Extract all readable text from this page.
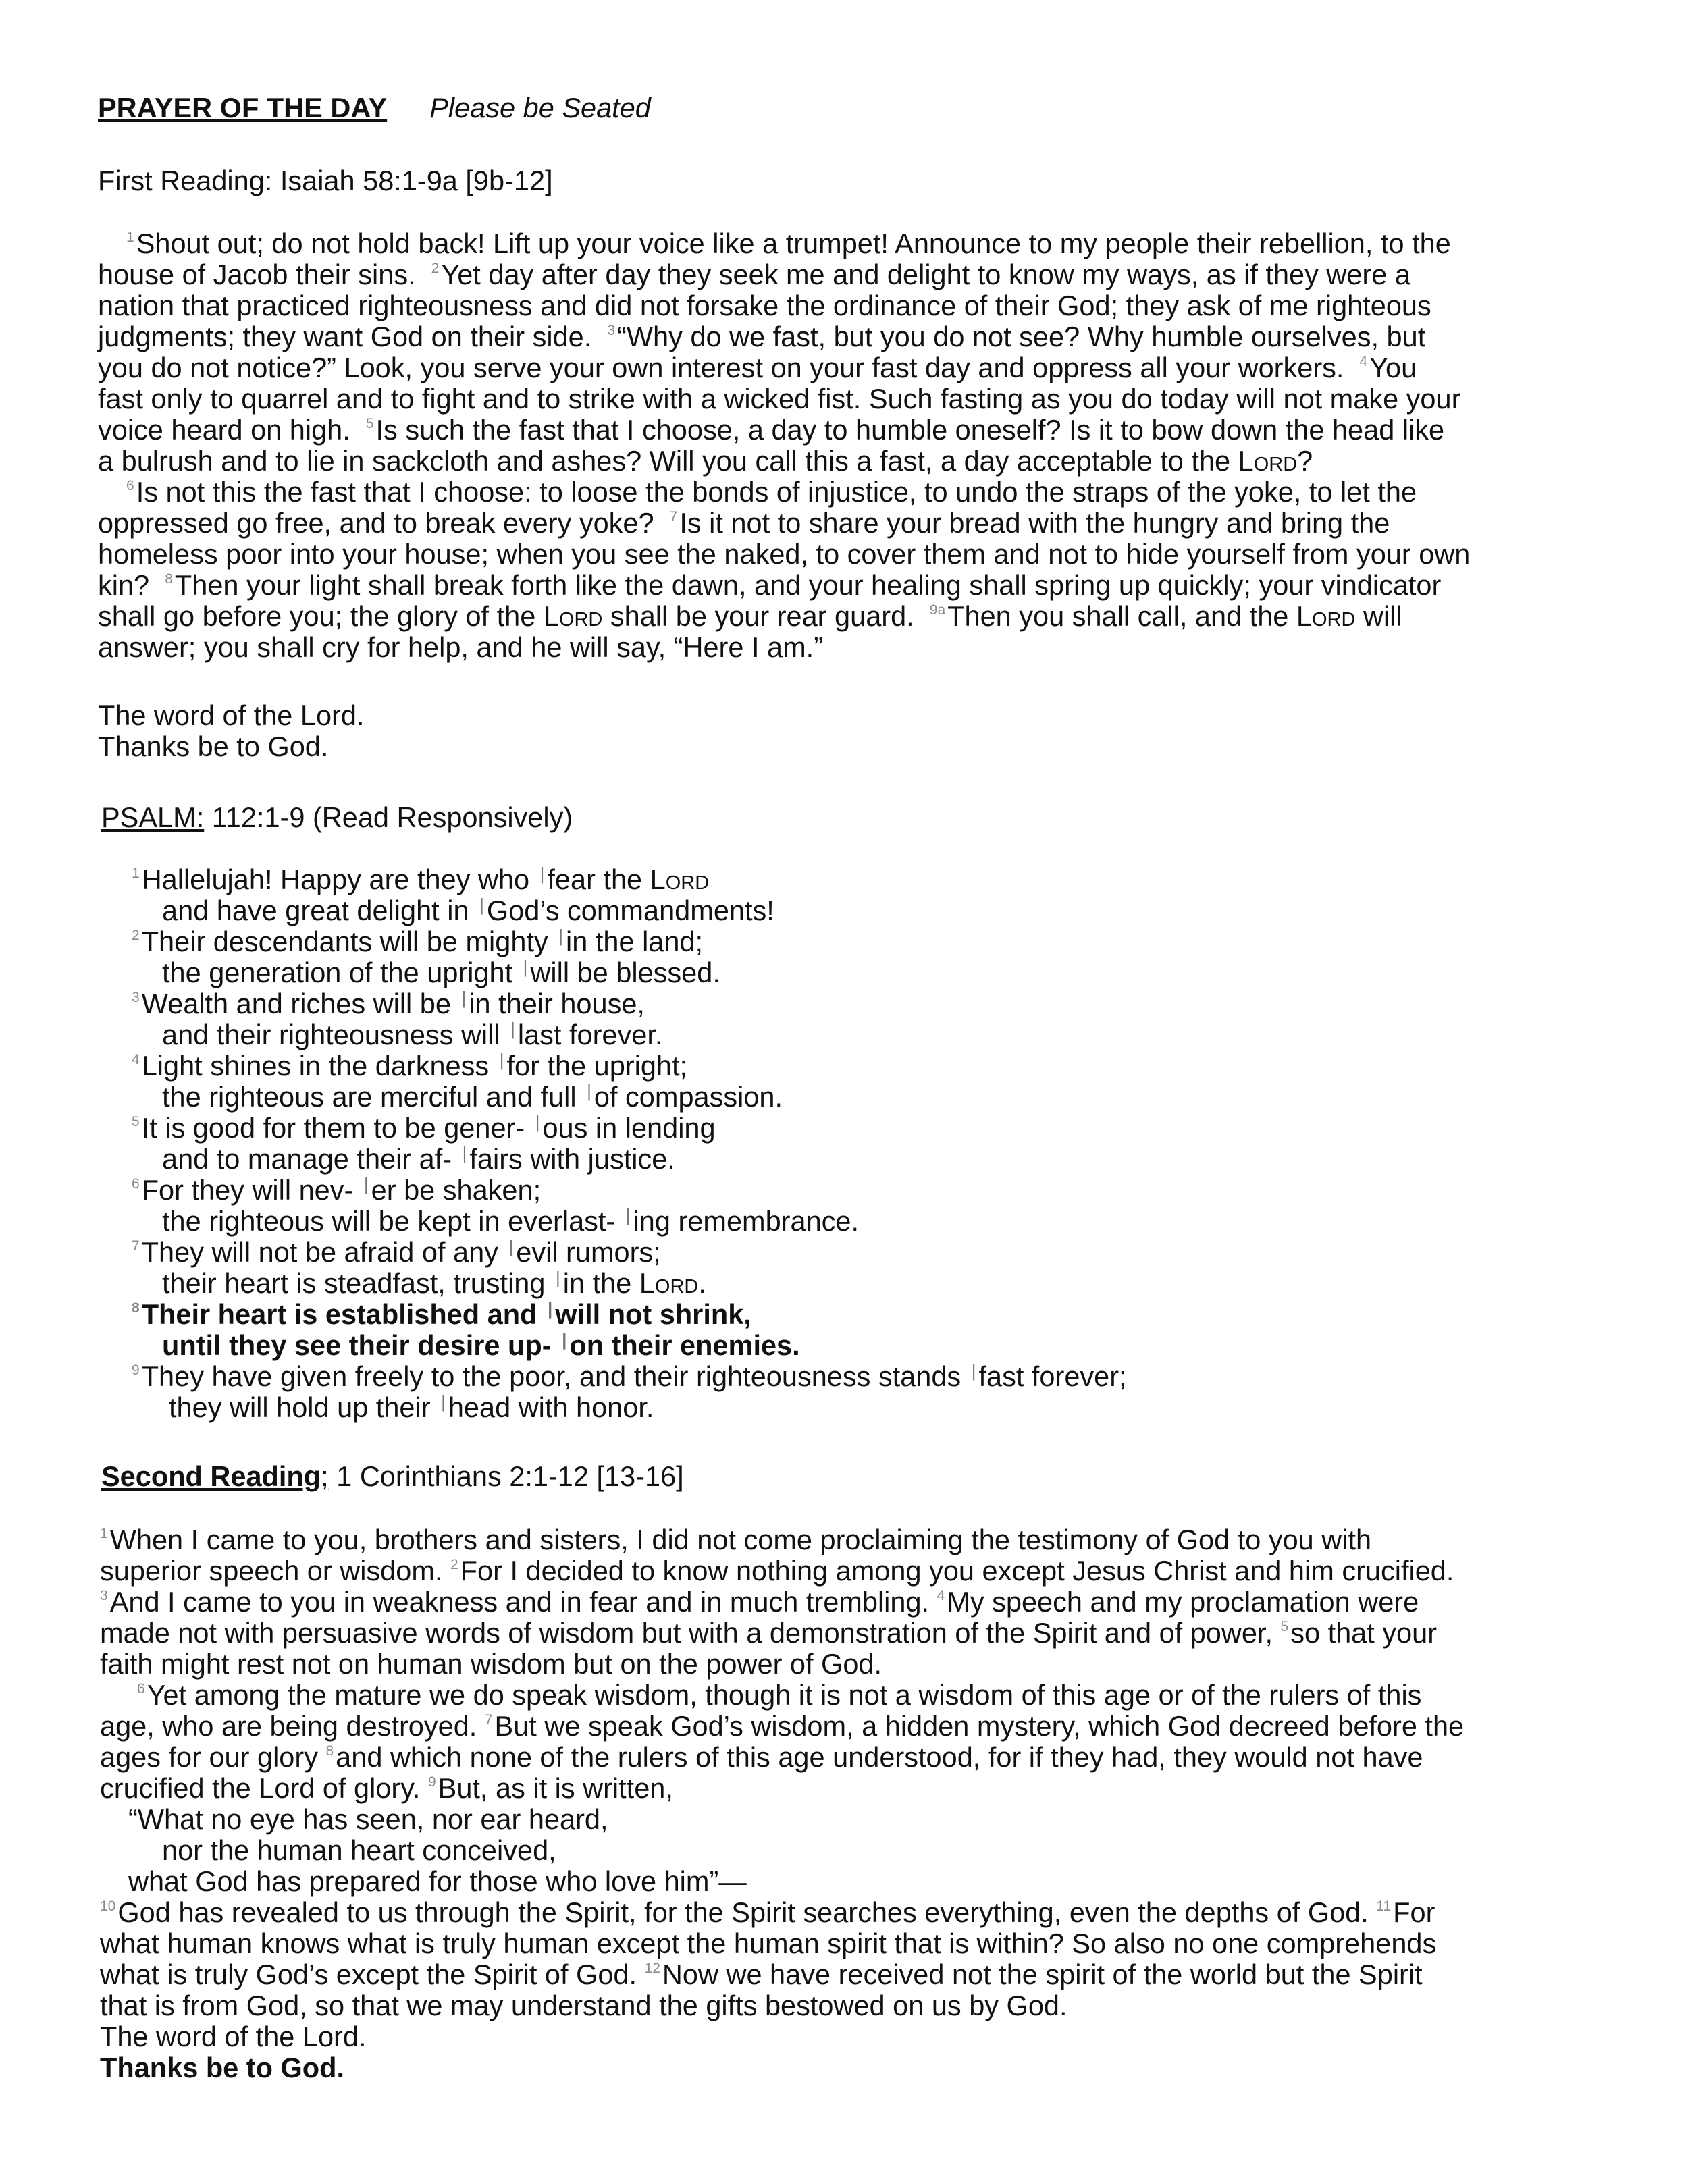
PRAYER OF THE DAY Please be Seated
First Reading: Isaiah 58:1-9a [9b-12]
$^1$Shout out; do not hold back! Lift up your voice like a trumpet! Announce to my people their rebellion, to the
house of Jacob their sins. $^2$Yet day after day they seek me and delight to know my ways, as if they were a
nation that practiced righteousness and did not forsake the ordinance of their God; they ask of me righteous
judgments; they want God on their side. $^3$“Why do we fast, but you do not see? Why humble ourselves, but
you do not notice?” Look, you serve your own interest on your fast day and oppress all your workers. $^4$You
fast only to quarrel and to fight and to strike with a wicked fist. Such fasting as you do today will not make your
voice heard on high. $^5$Is such the fast that I choose, a day to humble oneself? Is it to bow down the head like
a bulrush and to lie in sackcloth and ashes? Will you call this a fast, a day acceptable to the Lord?
$^6$Is not this the fast that I choose: to loose the bonds of injustice, to undo the straps of the yoke, to let the
oppressed go free, and to break every yoke? $^7$Is it not to share your bread with the hungry and bring the
homeless poor into your house; when you see the naked, to cover them and not to hide yourself from your own
kin? $^8$Then your light shall break forth like the dawn, and your healing shall spring up quickly; your vindicator
shall go before you; the glory of the Lord shall be your rear guard. $^{9a}$Then you shall call, and the Lord will
answer; you shall cry for help, and he will say, “Here I am.”
The word of the Lord.
Thanks be to God.
PSALM: 112:1-9 (Read Responsively)
$^1$Hallelujah! Happy are they who |fear the Lord
and have great delight in |God’s commandments!
$^2$Their descendants will be mighty |in the land;
the generation of the upright |will be blessed.
$^3$Wealth and riches will be |in their house,
and their righteousness will |last forever.
$^4$Light shines in the darkness |for the upright;
the righteous are merciful and full |of compassion.
$^5$It is good for them to be gener- |ous in lending
and to manage their af- |fairs with justice.
$^6$For they will nev- |er be shaken;
the righteous will be kept in everlast- |ing remembrance.
$^7$They will not be afraid of any |evil rumors;
their heart is steadfast, trusting |in the Lord.
$^8$Their heart is established and |will not shrink,
until they see their desire up- |on their enemies.
$^9$They have given freely to the poor, and their righteousness stands |fast forever;
they will hold up their |head with honor.
Second Reading; 1 Corinthians 2:1-12 [13-16]
$^1$When I came to you, brothers and sisters, I did not come proclaiming the testimony of God to you with
superior speech or wisdom. $^2$For I decided to know nothing among you except Jesus Christ and him crucified.
$^3$And I came to you in weakness and in fear and in much trembling. $^4$My speech and my proclamation were
made not with persuasive words of wisdom but with a demonstration of the Spirit and of power, $^5$so that your
faith might rest not on human wisdom but on the power of God.
$^6$Yet among the mature we do speak wisdom, though it is not a wisdom of this age or of the rulers of this
age, who are being destroyed. $^7$But we speak God’s wisdom, a hidden mystery, which God decreed before the
ages for our glory $^8$and which none of the rulers of this age understood, for if they had, they would not have
crucified the Lord of glory. $^9$But, as it is written,
“What no eye has seen, nor ear heard,
nor the human heart conceived,
what God has prepared for those who love him”—
$^{10}$God has revealed to us through the Spirit, for the Spirit searches everything, even the depths of God. $^{11}$For
what human knows what is truly human except the human spirit that is within? So also no one comprehends
what is truly God’s except the Spirit of God. $^{12}$Now we have received not the spirit of the world but the Spirit
that is from God, so that we may understand the gifts bestowed on us by God.
The word of the Lord.
Thanks be to God.
